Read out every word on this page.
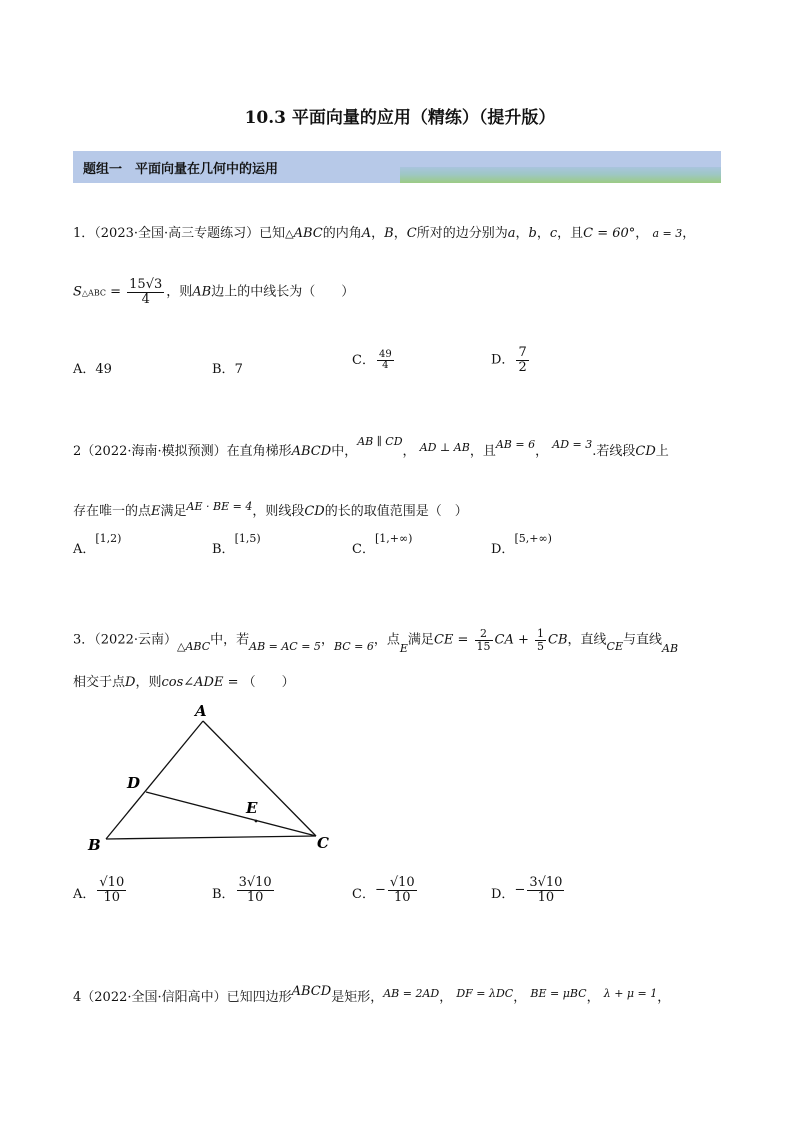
10.3 平面向量的应用（精练）（提升版）
题组一　平面向量在几何中的运用
1．（2023·全国·高三专题练习）已知△ABC的内角A，B，C所对的边分别为a，b，c，且C = 60°， a = 3，
S△ABC = $\frac{15√3}{4}$ ，则AB边上的中线长为（　　）
A．49	B．7
C． $\frac{49}{4}$	D． $\frac{7}{2}$
2（2022·海南·模拟预测）在直角梯形ABCD中，$^{AB \parallel CD}$， $^{AD \perp AB}$，且$^{AB = 6}$， $^{AD = 3}$.若线段CD上
存在唯一的点E满足$^{AE \cdot BE = 4}$，则线段CD的长的取值范围是（　）
A．[1,2)
B．[1,5)
C．[1,+∞)
D．[5,+∞)
3．（2022·云南）$_{\triangle ABC}$中，若$_{AB = AC = 5}$，$_{BC = 6}$，点$_E$满足CE = $\frac{2}{15}$ CA + $\frac{1}{5}$ CB，直线$_{CE}$与直线$_{AB}$
相交于点D，则cos∠ADE = （　　）
A
D
E
B	C
A． $\frac{√10}{10}$	B． $\frac{3√10}{10}$	C．− $\frac{√10}{10}$	D．− $\frac{3√10}{10}$
4（2022·全国·信阳高中）已知四边形ABCD是矩形，$^{AB = 2AD}$， $^{DF = \lambda DC}$， $^{BE = \mu BC}$， $^{\lambda + \mu = 1}$，
